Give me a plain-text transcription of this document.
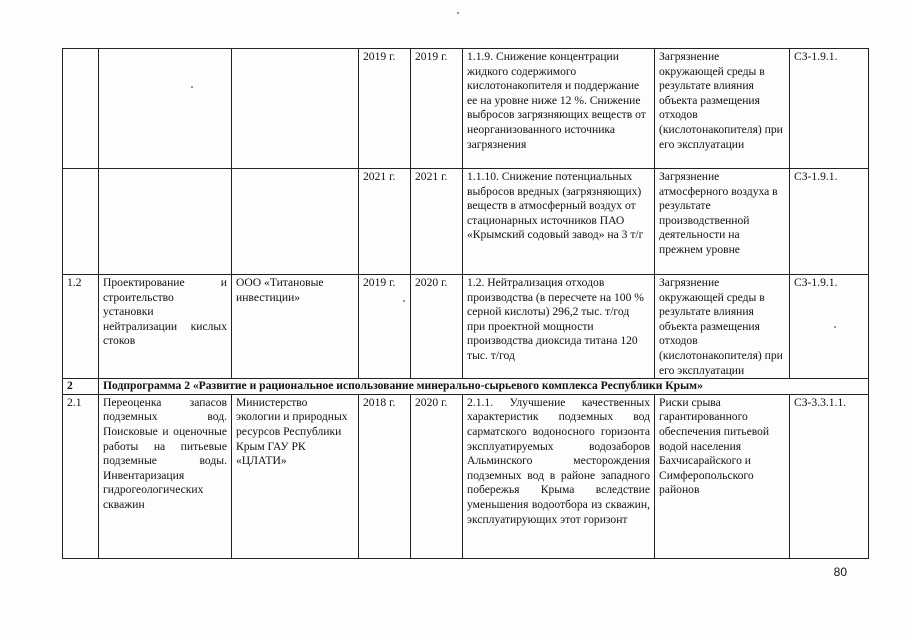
			2019 г.	2019 г.	1.1.9. Снижение концентрации жидкого содержимого кислотонакопителя и поддержание ее на уровне ниже 12 %. Снижение выбросов загрязняющих веществ от неорганизованного источника загрязнения	Загрязнение окружающей среды в результате влияния объекта размещения отходов (кислотонакопителя) при его эксплуатации	СЗ-1.9.1.
			2021 г.	2021 г.	1.1.10. Снижение потенциальных выбросов вредных (загрязняющих) веществ в атмосферный воздух от стационарных источников ПАО «Крымский содовый завод» на 3 т/г	Загрязнение атмосферного воздуха в результате производственной деятельности на прежнем уровне	СЗ-1.9.1.
1.2	Проектирование и строительство установки нейтрализации кислых стоков	ООО «Титановые инвестиции»	2019 г.	2020 г.	1.2. Нейтрализация отходов производства (в пересчете на 100 % серной кислоты) 296,2 тыс. т/год при проектной мощности производства диоксида титана 120 тыс. т/год	Загрязнение окружающей среды в результате влияния объекта размещения отходов (кислотонакопителя) при его эксплуатации	СЗ-1.9.1.
2	Подпрограмма 2 «Развитие и рациональное использование минерально-сырьевого комплекса Республики Крым»						
2.1	Переоценка запасов подземных вод. Поисковые и оценочные работы на питьевые подземные воды. Инвентаризация гидрогеологических скважин	Министерство экологии и природных ресурсов Республики Крым ГАУ РК «ЦЛАТИ»	2018 г.	2020 г.	2.1.1. Улучшение качественных характеристик подземных вод сарматского водоносного горизонта эксплуатируемых водозаборов Альминского месторождения подземных вод в районе западного побережья Крыма вследствие уменьшения водоотбора из скважин, эксплуатирующих этот горизонт	Риски срыва гарантированного обеспечения питьевой водой населения Бахчисарайского и Симферопольского районов	СЗ-3.3.1.1.
80
